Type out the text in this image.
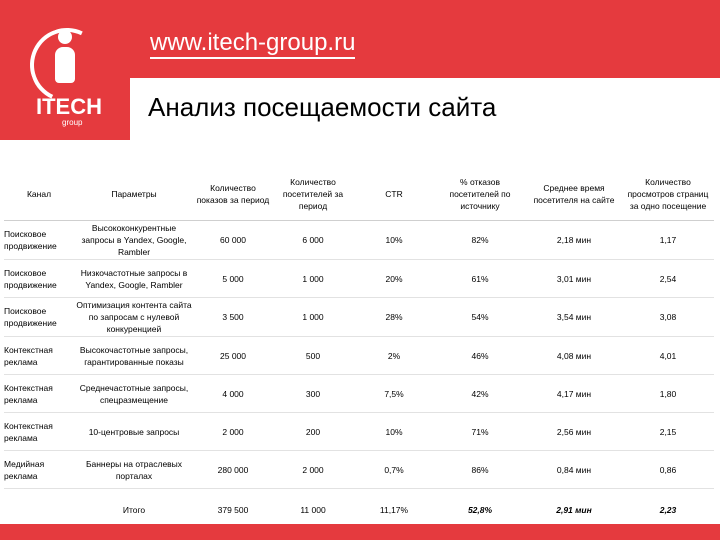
ITECH
group
www.itech-group.ru
Анализ посещаемости сайта
Канал	Параметры	Количество показов за период	Количество посетителей за период	CTR	% отказов посетителей по источнику	Среднее время посетителя на сайте	Количество просмотров страниц за одно посещение
Поисковое продвижение	Высококонкурентные запросы в Yandex, Google, Rambler	60 000	6 000	10%	82%	2,18 мин	1,17
Поисковое продвижение	Низкочастотные запросы в Yandex, Google, Rambler	5 000	1 000	20%	61%	3,01 мин	2,54
Поисковое продвижение	Оптимизация контента сайта по запросам с нулевой конкуренцией	3 500	1 000	28%	54%	3,54 мин	3,08
Контекстная реклама	Высокочастотные запросы, гарантированные показы	25 000	500	2%	46%	4,08 мин	4,01
Контекстная реклама	Среднечастотные запросы, спецразмещение	4 000	300	7,5%	42%	4,17 мин	1,80
Контекстная реклама	10-центровые запросы	2 000	200	10%	71%	2,56 мин	2,15
Медийная реклама	Баннеры на отраслевых порталах	280 000	2 000	0,7%	86%	0,84 мин	0,86
	Итого	379 500	11 000	11,17%	52,8%	2,91 мин	2,23
